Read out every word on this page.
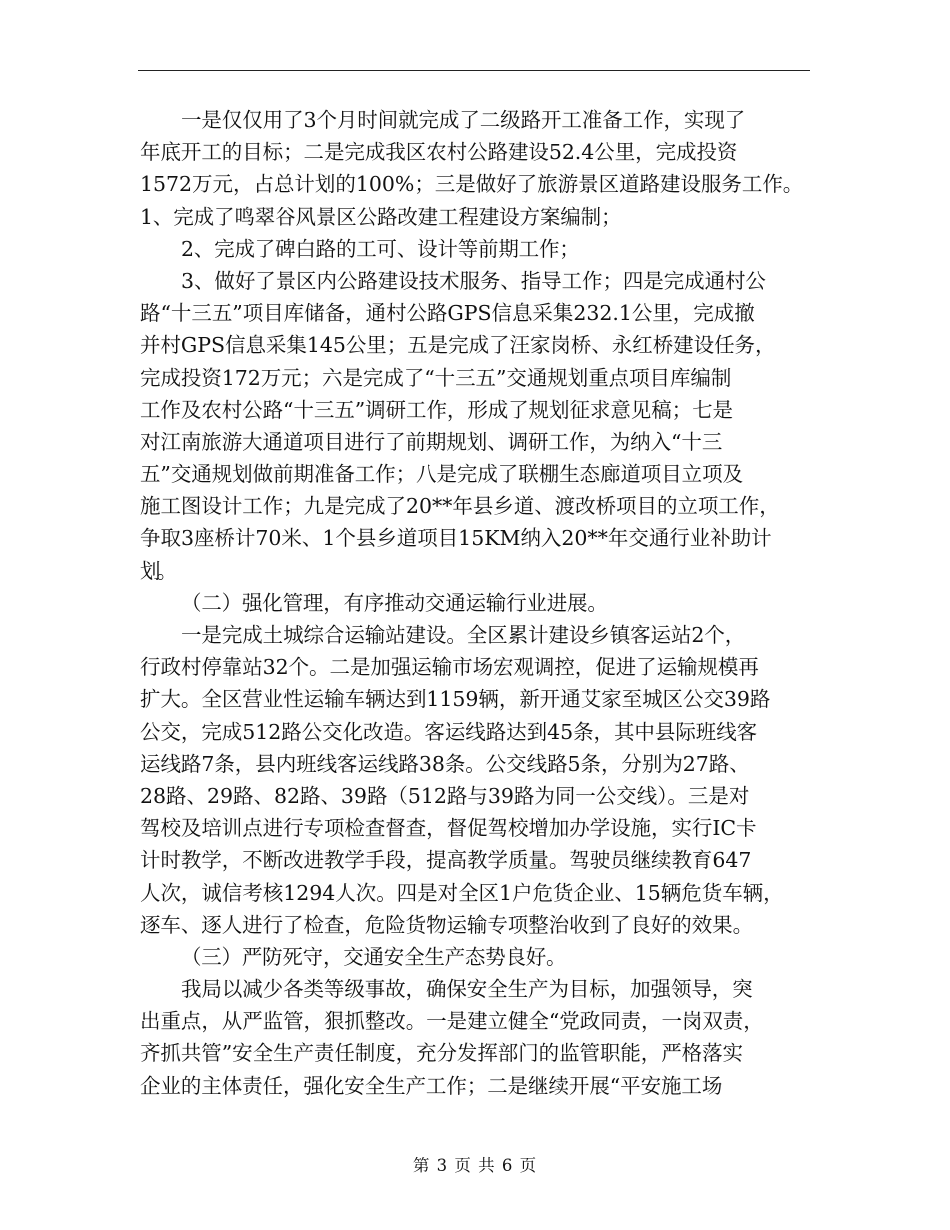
一是仅仅用了3个月时间就完成了二级路开工准备工作，实现了
年底开工的目标；二是完成我区农村公路建设52.4公里，完成投资
1572万元，占总计划的100%；三是做好了旅游景区道路建设服务工作。
1、完成了鸣翠谷风景区公路改建工程建设方案编制；
2、完成了碑白路的工可、设计等前期工作；
3、做好了景区内公路建设技术服务、指导工作；四是完成通村公
路“十三五”项目库储备，通村公路GPS信息采集232.1公里，完成撤
并村GPS信息采集145公里；五是完成了汪家岗桥、永红桥建设任务，
完成投资172万元；六是完成了“十三五”交通规划重点项目库编制
工作及农村公路“十三五”调研工作，形成了规划征求意见稿；七是
对江南旅游大通道项目进行了前期规划、调研工作，为纳入“十三
五”交通规划做前期准备工作；八是完成了联棚生态廊道项目立项及
施工图设计工作；九是完成了20**年县乡道、渡改桥项目的立项工作，
争取3座桥计70米、1个县乡道项目15KM纳入20**年交通行业补助计
划。
（二）强化管理，有序推动交通运输行业进展。
一是完成土城综合运输站建设。全区累计建设乡镇客运站2个，
行政村停靠站32个。二是加强运输市场宏观调控，促进了运输规模再
扩大。全区营业性运输车辆达到1159辆，新开通艾家至城区公交39路
公交，完成512路公交化改造。客运线路达到45条，其中县际班线客
运线路7条，县内班线客运线路38条。公交线路5条，分别为27路、
28路、29路、82路、39路（512路与39路为同一公交线）。三是对
驾校及培训点进行专项检查督查，督促驾校增加办学设施，实行IC卡
计时教学，不断改进教学手段，提高教学质量。驾驶员继续教育647
人次，诚信考核1294人次。四是对全区1户危货企业、15辆危货车辆，
逐车、逐人进行了检查，危险货物运输专项整治收到了良好的效果。
（三）严防死守，交通安全生产态势良好。
我局以减少各类等级事故，确保安全生产为目标，加强领导，突
出重点，从严监管，狠抓整改。一是建立健全“党政同责，一岗双责，
齐抓共管”安全生产责任制度，充分发挥部门的监管职能，严格落实
企业的主体责任，强化安全生产工作；二是继续开展“平安施工场
第 3 页 共 6 页
